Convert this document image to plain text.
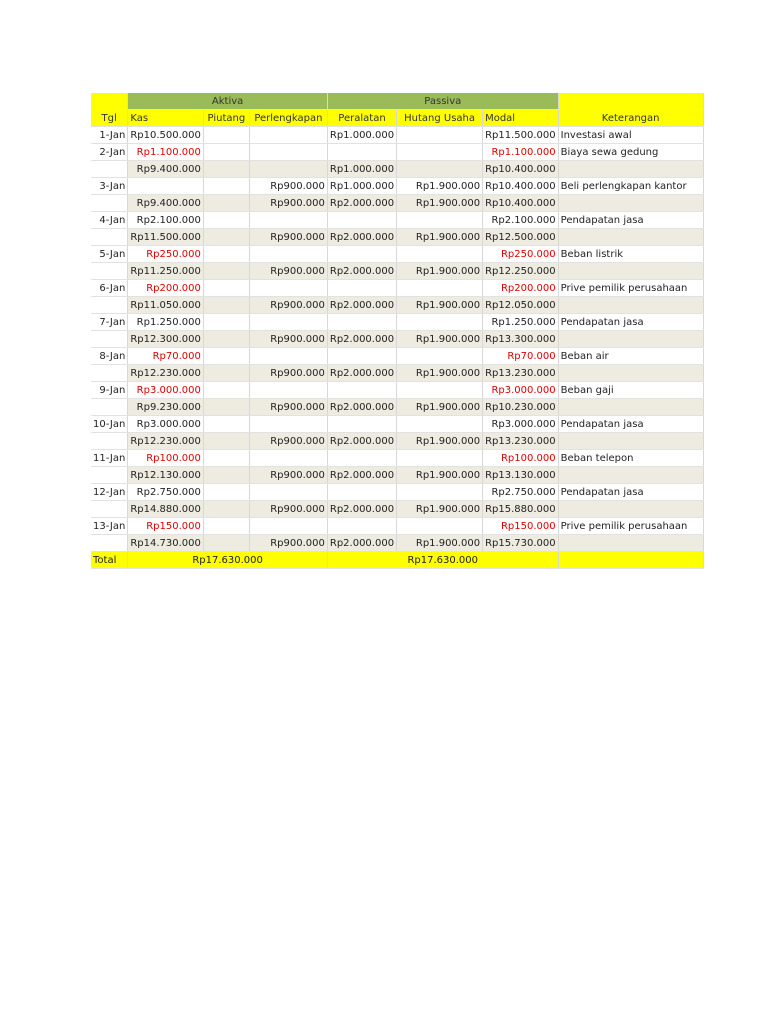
	Aktiva			Passiva			
Tgl	Kas	Piutang	Perlengkapan	Peralatan	Hutang Usaha	Modal	Keterangan
1-Jan	Rp10.500.000			Rp1.000.000		Rp11.500.000	Investasi awal
2-Jan	Rp1.100.000					Rp1.100.000	Biaya sewa gedung
	Rp9.400.000			Rp1.000.000		Rp10.400.000	
3-Jan			Rp900.000	Rp1.000.000	Rp1.900.000	Rp10.400.000	Beli perlengkapan kantor
	Rp9.400.000		Rp900.000	Rp2.000.000	Rp1.900.000	Rp10.400.000	
4-Jan	Rp2.100.000					Rp2.100.000	Pendapatan jasa
	Rp11.500.000		Rp900.000	Rp2.000.000	Rp1.900.000	Rp12.500.000	
5-Jan	Rp250.000					Rp250.000	Beban listrik
	Rp11.250.000		Rp900.000	Rp2.000.000	Rp1.900.000	Rp12.250.000	
6-Jan	Rp200.000					Rp200.000	Prive pemilik perusahaan
	Rp11.050.000		Rp900.000	Rp2.000.000	Rp1.900.000	Rp12.050.000	
7-Jan	Rp1.250.000					Rp1.250.000	Pendapatan jasa
	Rp12.300.000		Rp900.000	Rp2.000.000	Rp1.900.000	Rp13.300.000	
8-Jan	Rp70.000					Rp70.000	Beban air
	Rp12.230.000		Rp900.000	Rp2.000.000	Rp1.900.000	Rp13.230.000	
9-Jan	Rp3.000.000					Rp3.000.000	Beban gaji
	Rp9.230.000		Rp900.000	Rp2.000.000	Rp1.900.000	Rp10.230.000	
10-Jan	Rp3.000.000					Rp3.000.000	Pendapatan jasa
	Rp12.230.000		Rp900.000	Rp2.000.000	Rp1.900.000	Rp13.230.000	
11-Jan	Rp100.000					Rp100.000	Beban telepon
	Rp12.130.000		Rp900.000	Rp2.000.000	Rp1.900.000	Rp13.130.000	
12-Jan	Rp2.750.000					Rp2.750.000	Pendapatan jasa
	Rp14.880.000		Rp900.000	Rp2.000.000	Rp1.900.000	Rp15.880.000	
13-Jan	Rp150.000					Rp150.000	Prive pemilik perusahaan
	Rp14.730.000		Rp900.000	Rp2.000.000	Rp1.900.000	Rp15.730.000	
Total	Rp17.630.000			Rp17.630.000			
